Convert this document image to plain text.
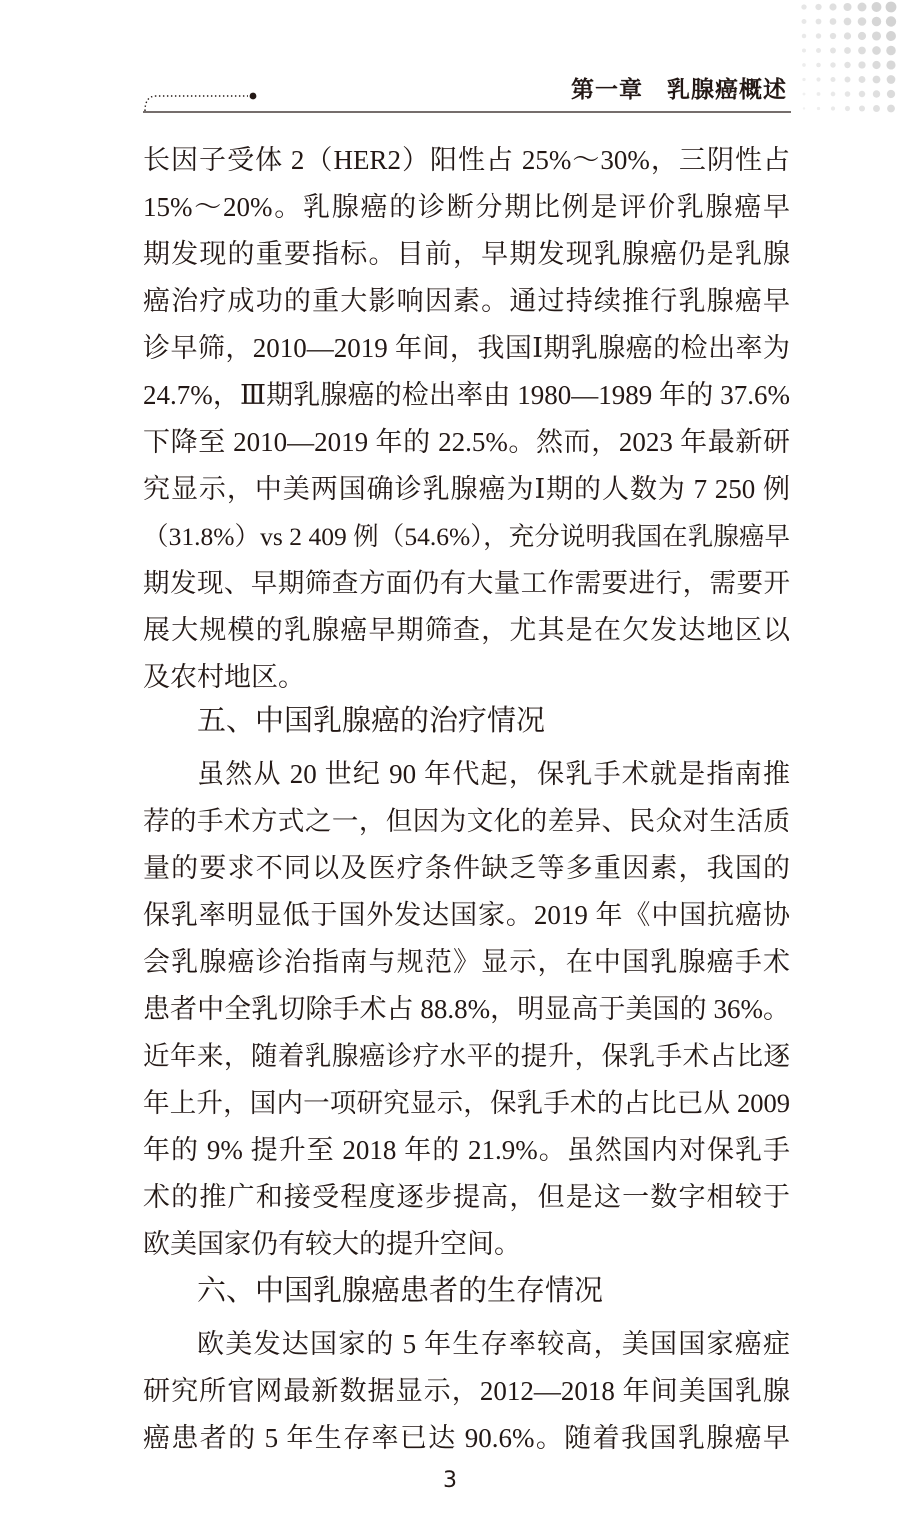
第一章　乳腺癌概述
长因子受体 2（HER2）阳性占 25%～30%，三阴性占
15%～20%。乳腺癌的诊断分期比例是评价乳腺癌早
期发现的重要指标。目前，早期发现乳腺癌仍是乳腺
癌治疗成功的重大影响因素。通过持续推行乳腺癌早
诊早筛，2010—2019 年间，我国Ⅰ期乳腺癌的检出率为
24.7%，Ⅲ期乳腺癌的检出率由 1980—1989 年的 37.6%
下降至 2010—2019 年的 22.5%。然而，2023 年最新研
究显示，中美两国确诊乳腺癌为Ⅰ期的人数为 7 250 例
（31.8%）vs 2 409 例（54.6%），充分说明我国在乳腺癌早
期发现、早期筛查方面仍有大量工作需要进行，需要开
展大规模的乳腺癌早期筛查，尤其是在欠发达地区以
及农村地区。
五、中国乳腺癌的治疗情况
虽然从 20 世纪 90 年代起，保乳手术就是指南推
荐的手术方式之一，但因为文化的差异、民众对生活质
量的要求不同以及医疗条件缺乏等多重因素，我国的
保乳率明显低于国外发达国家。2019 年《中国抗癌协
会乳腺癌诊治指南与规范》显示，在中国乳腺癌手术
患者中全乳切除手术占 88.8%，明显高于美国的 36%。
近年来，随着乳腺癌诊疗水平的提升，保乳手术占比逐
年上升，国内一项研究显示，保乳手术的占比已从 2009
年的 9% 提升至 2018 年的 21.9%。虽然国内对保乳手
术的推广和接受程度逐步提高，但是这一数字相较于
欧美国家仍有较大的提升空间。
六、中国乳腺癌患者的生存情况
欧美发达国家的 5 年生存率较高，美国国家癌症
研究所官网最新数据显示，2012—2018 年间美国乳腺
癌患者的 5 年生存率已达 90.6%。随着我国乳腺癌早
3
